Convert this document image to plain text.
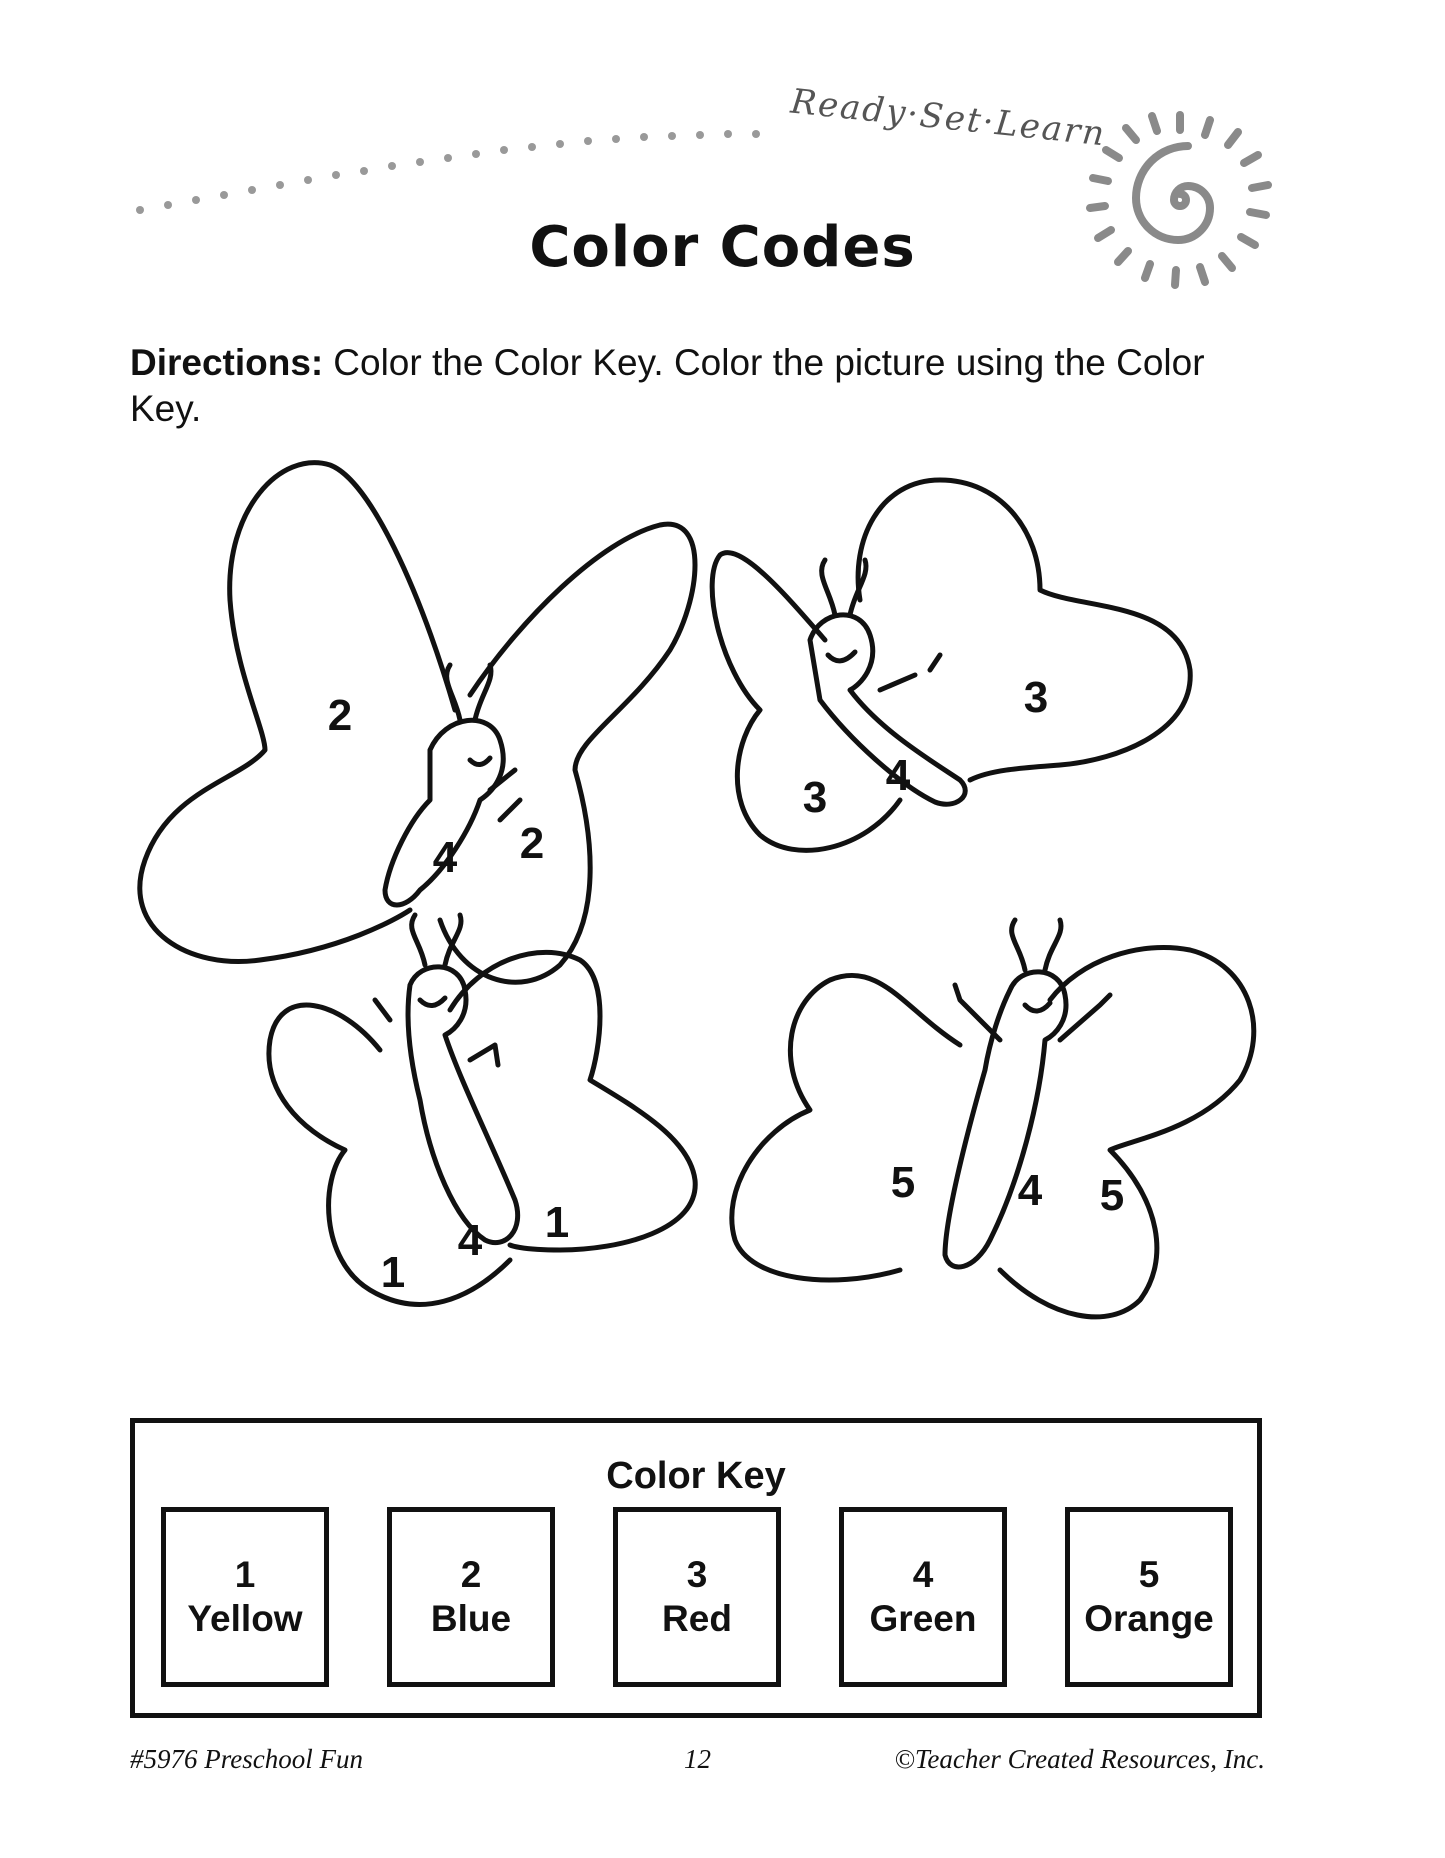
Ready·Set·Learn
Color Codes
Directions: Color the Color Key. Color the picture using the Color Key.
2
4 2
3
3 4
1
1
4
5 4 5
Color Key
1
Yellow
2
Blue
3
Red
4
Green
5
Orange
#5976 Preschool Fun	12	©Teacher Created Resources, Inc.
